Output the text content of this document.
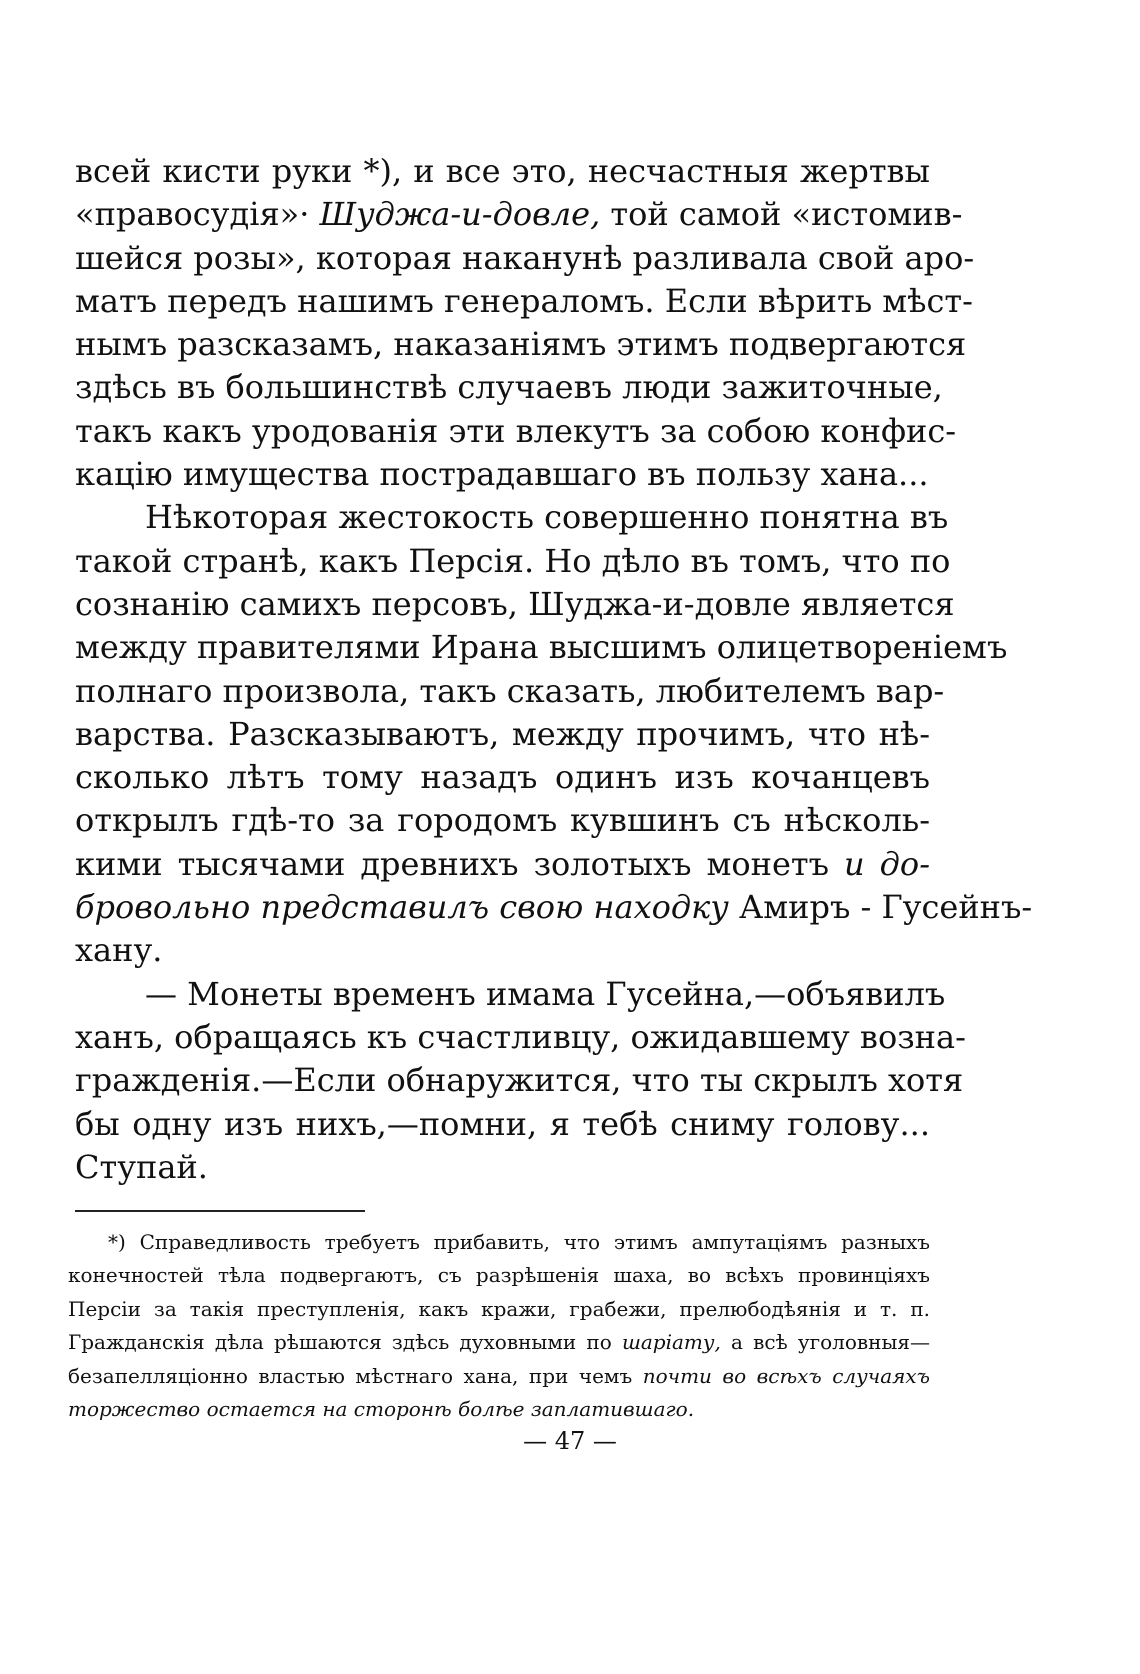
всей кисти руки *), и все это, несчастныя жертвы
«правосудія»· Шуджа-и-довле, той самой «истомив-
шейся розы», которая наканунѣ разливала свой аро-
матъ передъ нашимъ генераломъ. Если вѣрить мѣст-
нымъ разсказамъ, наказаніямъ этимъ подвергаются
здѣсь въ большинствѣ случаевъ люди зажиточные,
такъ какъ уродованія эти влекутъ за собою конфис-
кацію имущества пострадавшаго въ пользу хана...
Нѣкоторая жестокость совершенно понятна въ
такой странѣ, какъ Персія. Но дѣло въ томъ, что по
сознанію самихъ персовъ, Шуджа-и-довле является
между правителями Ирана высшимъ олицетвореніемъ
полнаго произвола, такъ сказать, любителемъ вар-
варства. Разсказываютъ, между прочимъ, что нѣ-
сколько лѣтъ тому назадъ одинъ изъ кочанцевъ
открылъ гдѣ-то за городомъ кувшинъ съ нѣсколь-
кими тысячами древнихъ золотыхъ монетъ и до-
бровольно представилъ свою находку Амиръ - Гусейнъ-
хану.
— Монеты временъ имама Гусейна,—объявилъ
ханъ, обращаясь къ счастливцу, ожидавшему возна-
гражденія.—Если обнаружится, что ты скрылъ хотя
бы одну изъ нихъ,—помни, я тебѣ сниму голову...
Ступай.
*) Справедливость требуетъ прибавить, что этимъ ампутаціямъ разныхъ
конечностей тѣла подвергаютъ, съ разрѣшенія шаха, во всѣхъ провинціяхъ
Персіи за такія преступленія, какъ кражи, грабежи, прелюбодѣянія и т. п.
Гражданскія дѣла рѣшаются здѣсь духовными по шаріату, а всѣ уголовныя—
безапелляціонно властью мѣстнаго хана, при чемъ почти во всѣхъ случаяхъ
торжество остается на сторонѣ болѣе заплатившаго.
— 47 —
